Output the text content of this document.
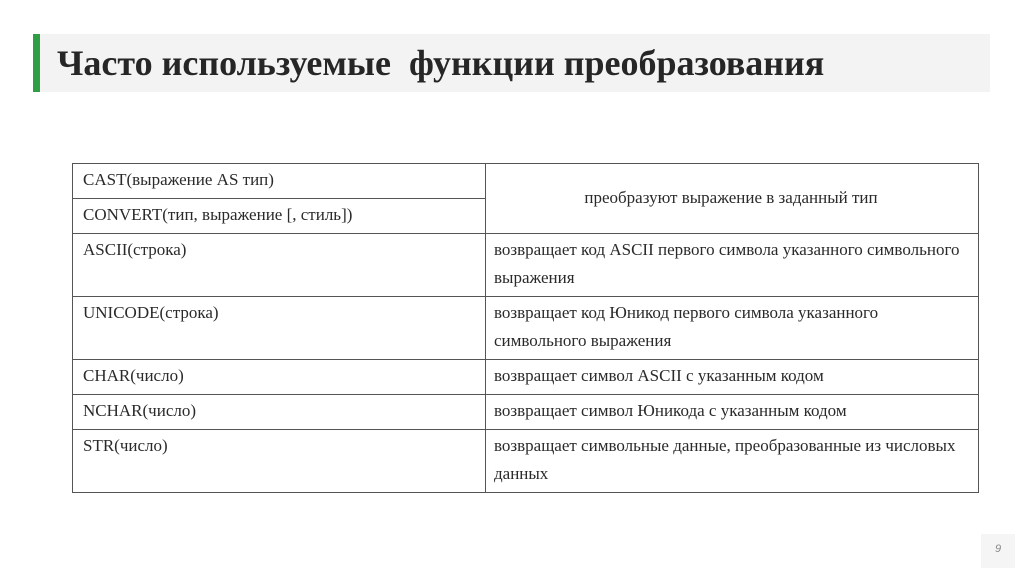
Часто используемые  функции преобразования
CAST(выражение AS тип)	преобразуют выражение в заданный тип
CONVERT(тип, выражение [, стиль])	
ASCII(строка)	возвращает код ASCII первого символа указанного символьного выражения
UNICODE(строка)	возвращает код Юникод первого символа указанного символьного выражения
CHAR(число)	возвращает символ ASCII с указанным кодом
NCHAR(число)	возвращает символ Юникода с указанным кодом
STR(число)	возвращает символьные данные, преобразованные из числовых данных
9
